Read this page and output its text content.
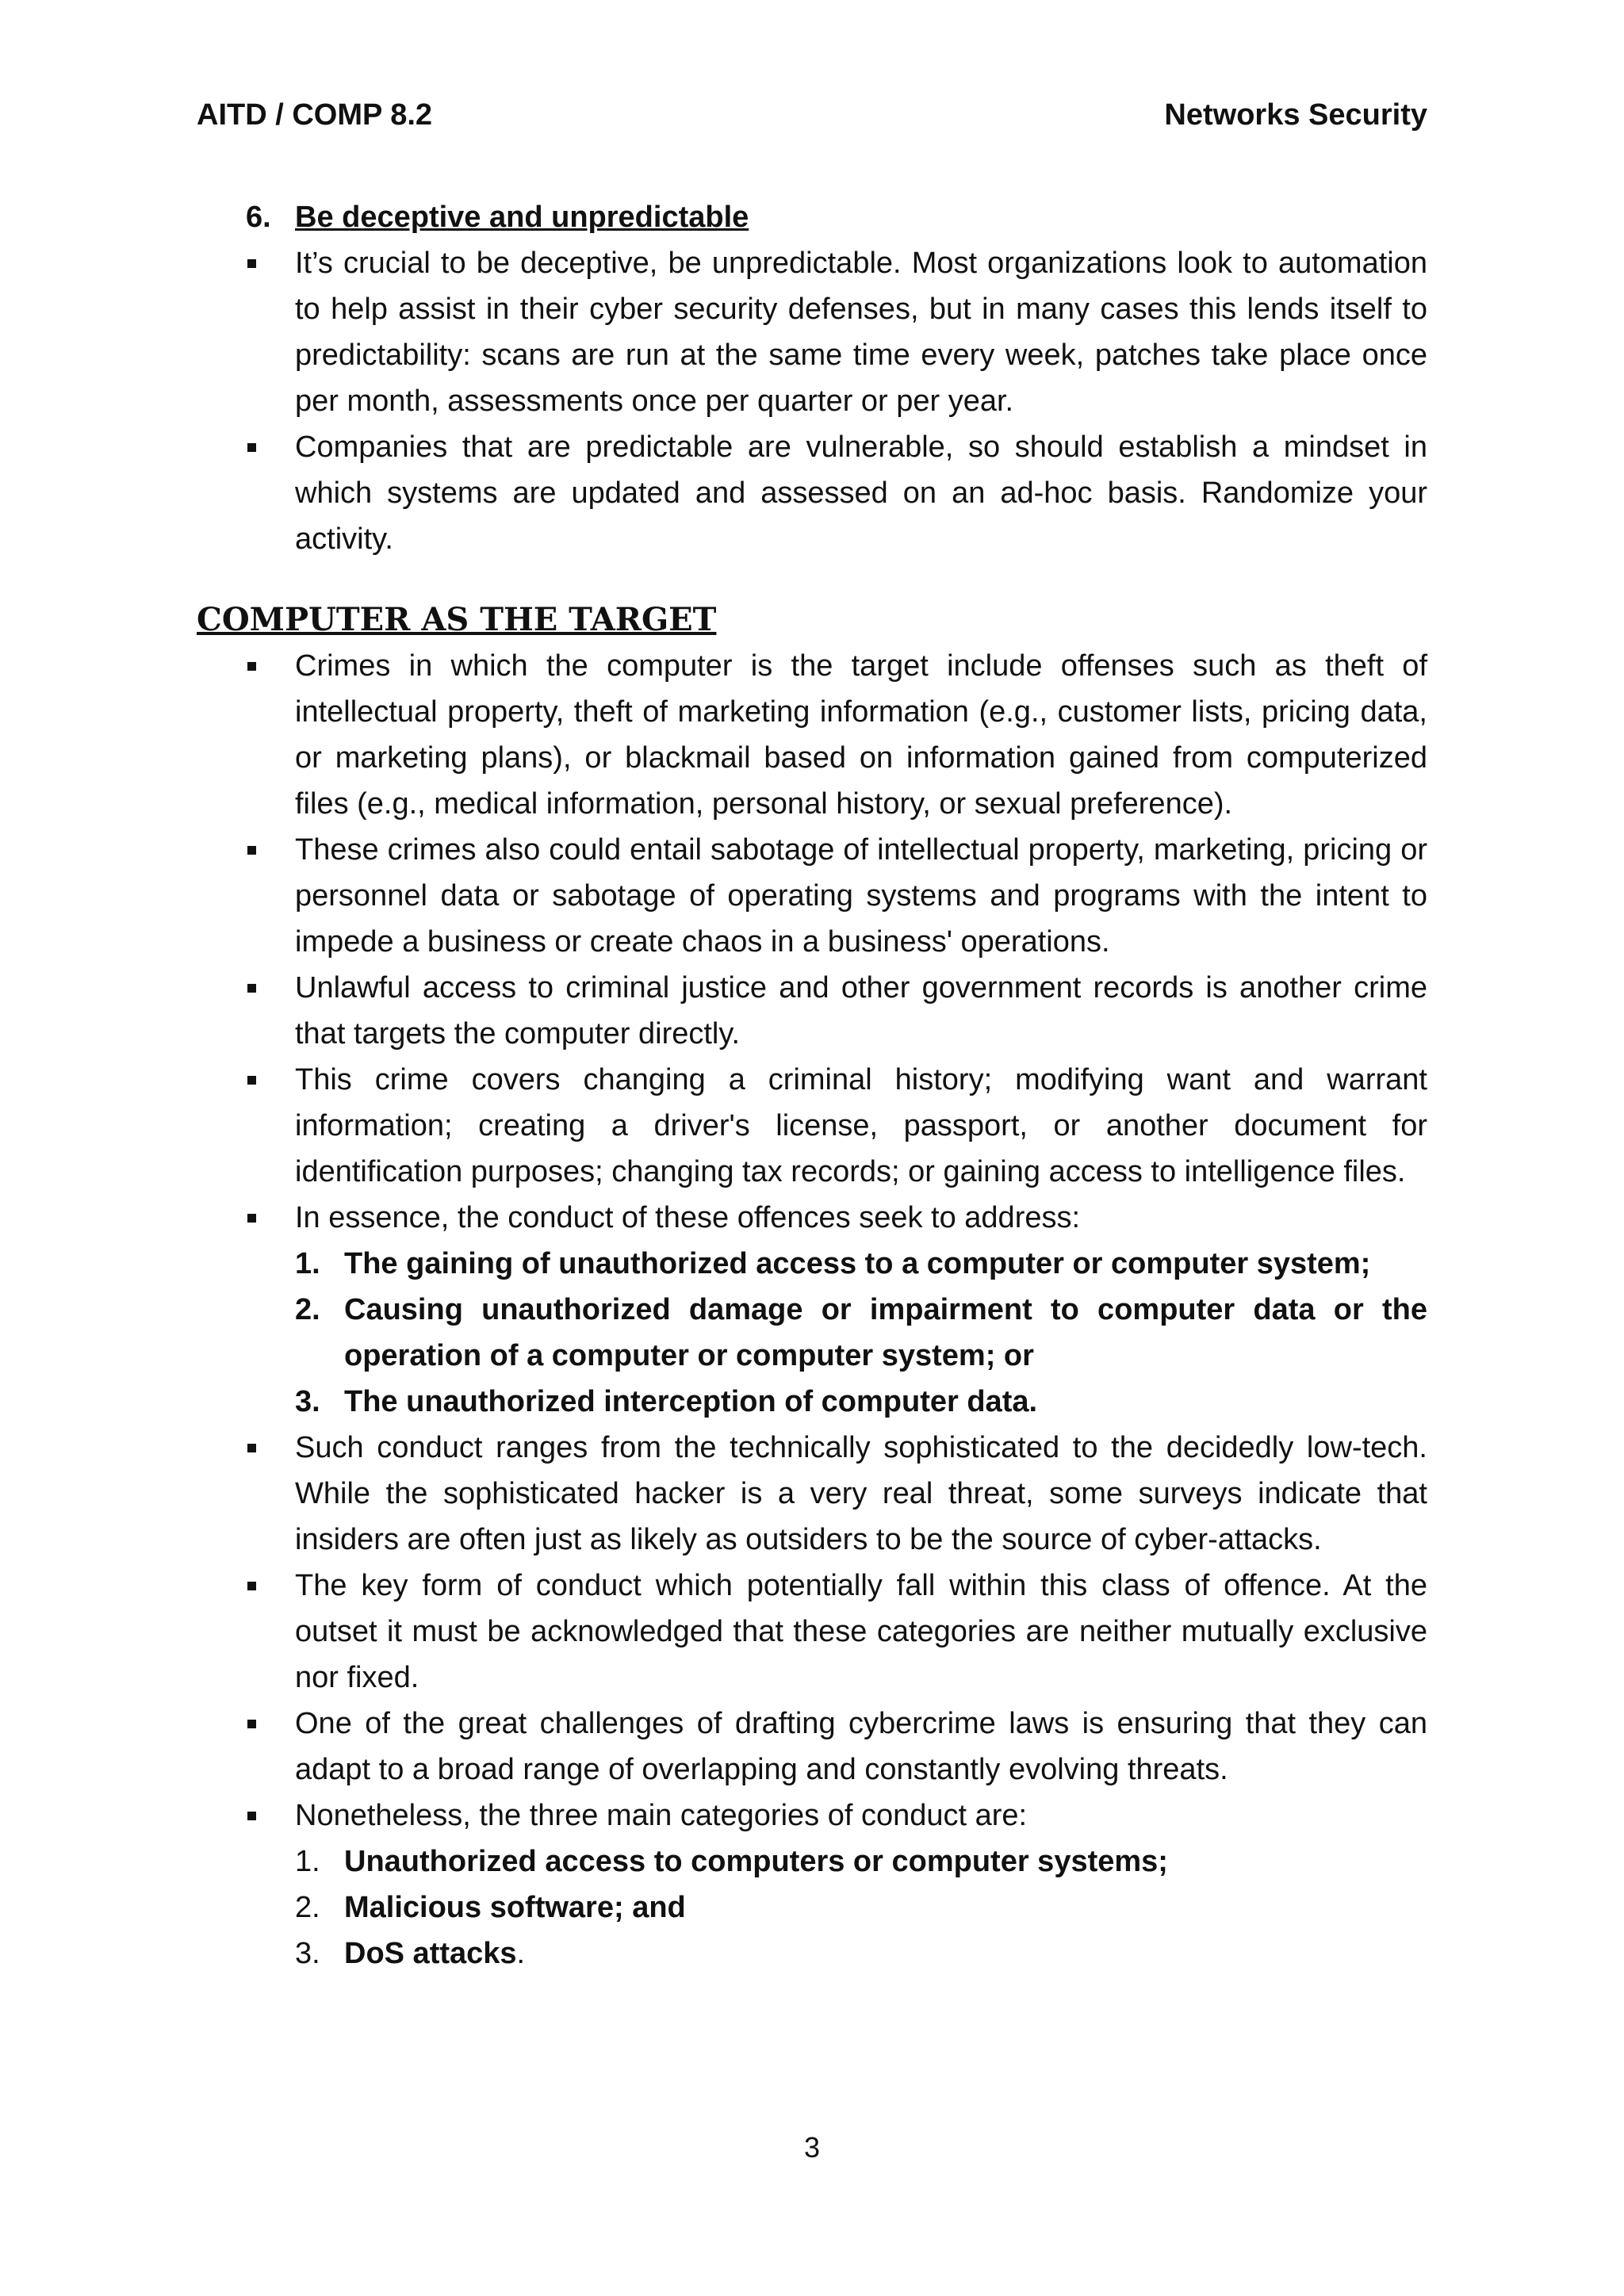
AITD / COMP 8.2	Networks Security
6. Be deceptive and unpredictable
It’s crucial to be deceptive, be unpredictable. Most organizations look to automation to help assist in their cyber security defenses, but in many cases this lends itself to predictability: scans are run at the same time every week, patches take place once per month, assessments once per quarter or per year.
Companies that are predictable are vulnerable, so should establish a mindset in which systems are updated and assessed on an ad-hoc basis. Randomize your activity.
COMPUTER AS THE TARGET
Crimes in which the computer is the target include offenses such as theft of intellectual property, theft of marketing information (e.g., customer lists, pricing data, or marketing plans), or blackmail based on information gained from computerized files (e.g., medical information, personal history, or sexual preference).
These crimes also could entail sabotage of intellectual property, marketing, pricing or personnel data or sabotage of operating systems and programs with the intent to impede a business or create chaos in a business' operations.
Unlawful access to criminal justice and other government records is another crime that targets the computer directly.
This crime covers changing a criminal history; modifying want and warrant information; creating a driver's license, passport, or another document for identification purposes; changing tax records; or gaining access to intelligence files.
In essence, the conduct of these offences seek to address:
1. The gaining of unauthorized access to a computer or computer system;
2. Causing unauthorized damage or impairment to computer data or the operation of a computer or computer system; or
3. The unauthorized interception of computer data.
Such conduct ranges from the technically sophisticated to the decidedly low-tech. While the sophisticated hacker is a very real threat, some surveys indicate that insiders are often just as likely as outsiders to be the source of cyber-attacks.
The key form of conduct which potentially fall within this class of offence. At the outset it must be acknowledged that these categories are neither mutually exclusive nor fixed.
One of the great challenges of drafting cybercrime laws is ensuring that they can adapt to a broad range of overlapping and constantly evolving threats.
Nonetheless, the three main categories of conduct are:
1. Unauthorized access to computers or computer systems;
2. Malicious software; and
3. DoS attacks.
3
